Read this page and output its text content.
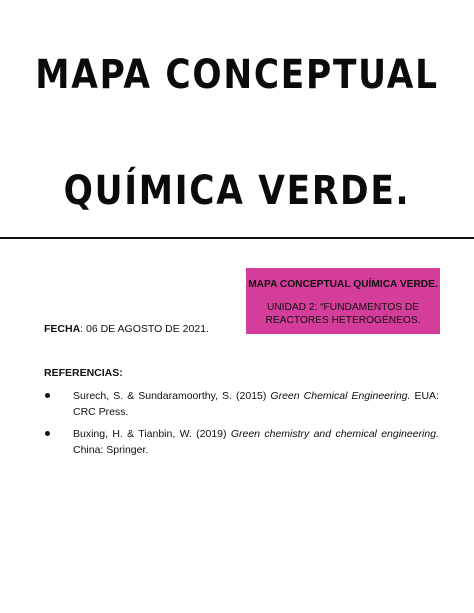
MAPA CONCEPTUAL
QUÍMICA VERDE.
MAPA CONCEPTUAL QUÍMICA VERDE.
UNIDAD 2: “FUNDAMENTOS DE
REACTORES HETEROGÉNEOS.
FECHA: 06 DE AGOSTO DE 2021.
REFERENCIAS:
Surech, S. & Sundaramoorthy, S. (2015) Green Chemical Engineering. EUA: CRC Press.
Buxing, H. & Tianbin, W. (2019) Green chemistry and chemical engineering. China: Springer.
